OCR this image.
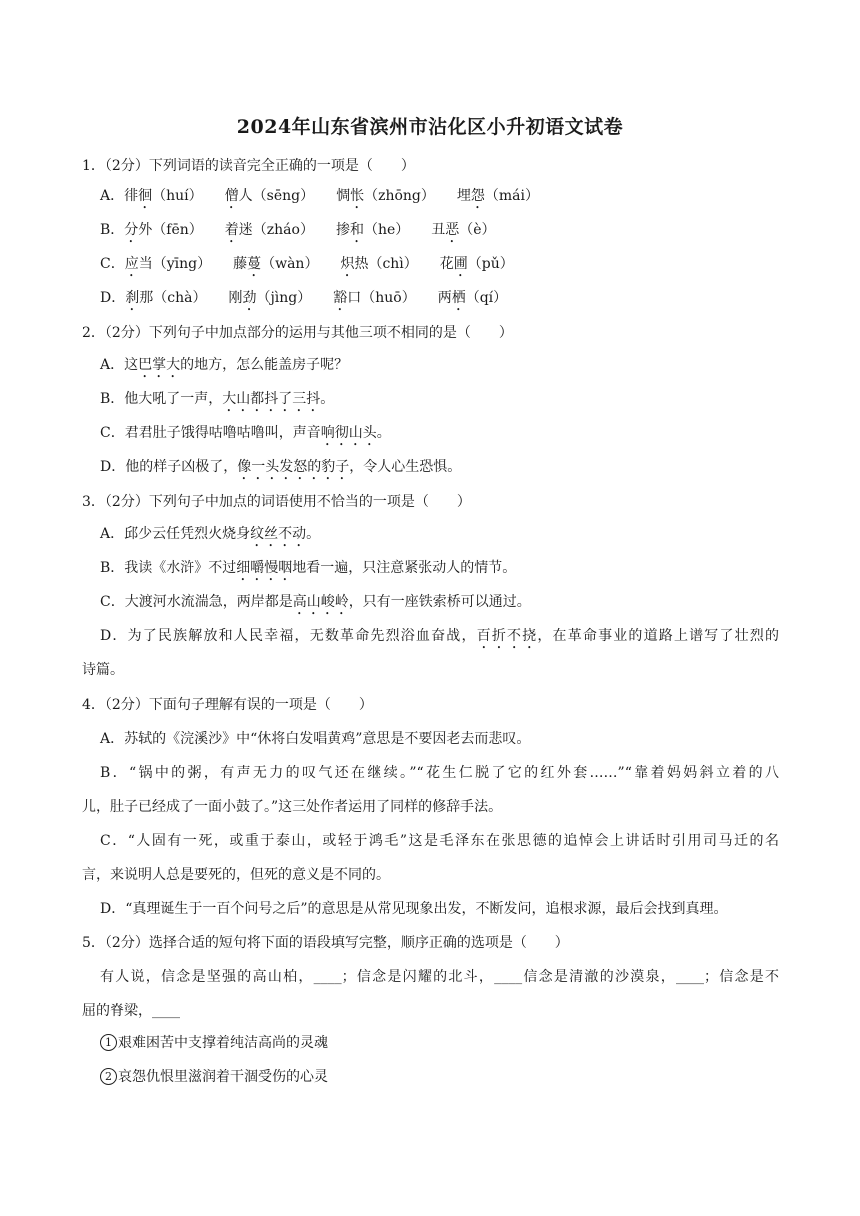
2024年山东省滨州市沾化区小升初语文试卷
1．（2分）下列词语的读音完全正确的一项是（　　）
A．徘徊（huí） 僧人（sēng） 惆怅（zhōng） 埋怨（mái）
B．分外（fēn） 着迷（zháo） 掺和（he） 丑恶（è）
C．应当（yīng） 藤蔓（wàn） 炽热（chì） 花圃（pǔ）
D．刹那（chà） 刚劲（jìng） 豁口（huō） 两栖（qí）
2．（2分）下列句子中加点部分的运用与其他三项不相同的是（　　）
A．这巴掌大的地方，怎么能盖房子呢？
B．他大吼了一声，大山都抖了三抖。
C．君君肚子饿得咕噜咕噜叫，声音响彻山头。
D．他的样子凶极了，像一头发怒的豹子，令人心生恐惧。
3．（2分）下列句子中加点的词语使用不恰当的一项是（　　）
A．邱少云任凭烈火烧身纹丝不动。
B．我读《水浒》不过细嚼慢咽地看一遍，只注意紧张动人的情节。
C．大渡河水流湍急，两岸都是高山峻岭，只有一座铁索桥可以通过。
D．为了民族解放和人民幸福，无数革命先烈浴血奋战，百折不挠，在革命事业的道路上谱写了壮烈的
诗篇。
4．（2分）下面句子理解有误的一项是（　　）
A．苏轼的《浣溪沙》中“休将白发唱黄鸡”意思是不要因老去而悲叹。
B．“锅中的粥，有声无力的叹气还在继续。”“花生仁脱了它的红外套……”“靠着妈妈斜立着的八
儿，肚子已经成了一面小鼓了。”这三处作者运用了同样的修辞手法。
C．“人固有一死，或重于泰山，或轻于鸿毛”这是毛泽东在张思德的追悼会上讲话时引用司马迁的名
言，来说明人总是要死的，但死的意义是不同的。
D．“真理诞生于一百个问号之后”的意思是从常见现象出发，不断发问，追根求源，最后会找到真理。
5．（2分）选择合适的短句将下面的语段填写完整，顺序正确的选项是（　　）
有人说，信念是坚强的高山柏，____；信念是闪耀的北斗，____信念是清澈的沙漠泉，____；信念是不
屈的脊梁，____
1 艰难困苦中支撑着纯洁高尚的灵魂
2 哀怨仇恨里滋润着干涸受伤的心灵
